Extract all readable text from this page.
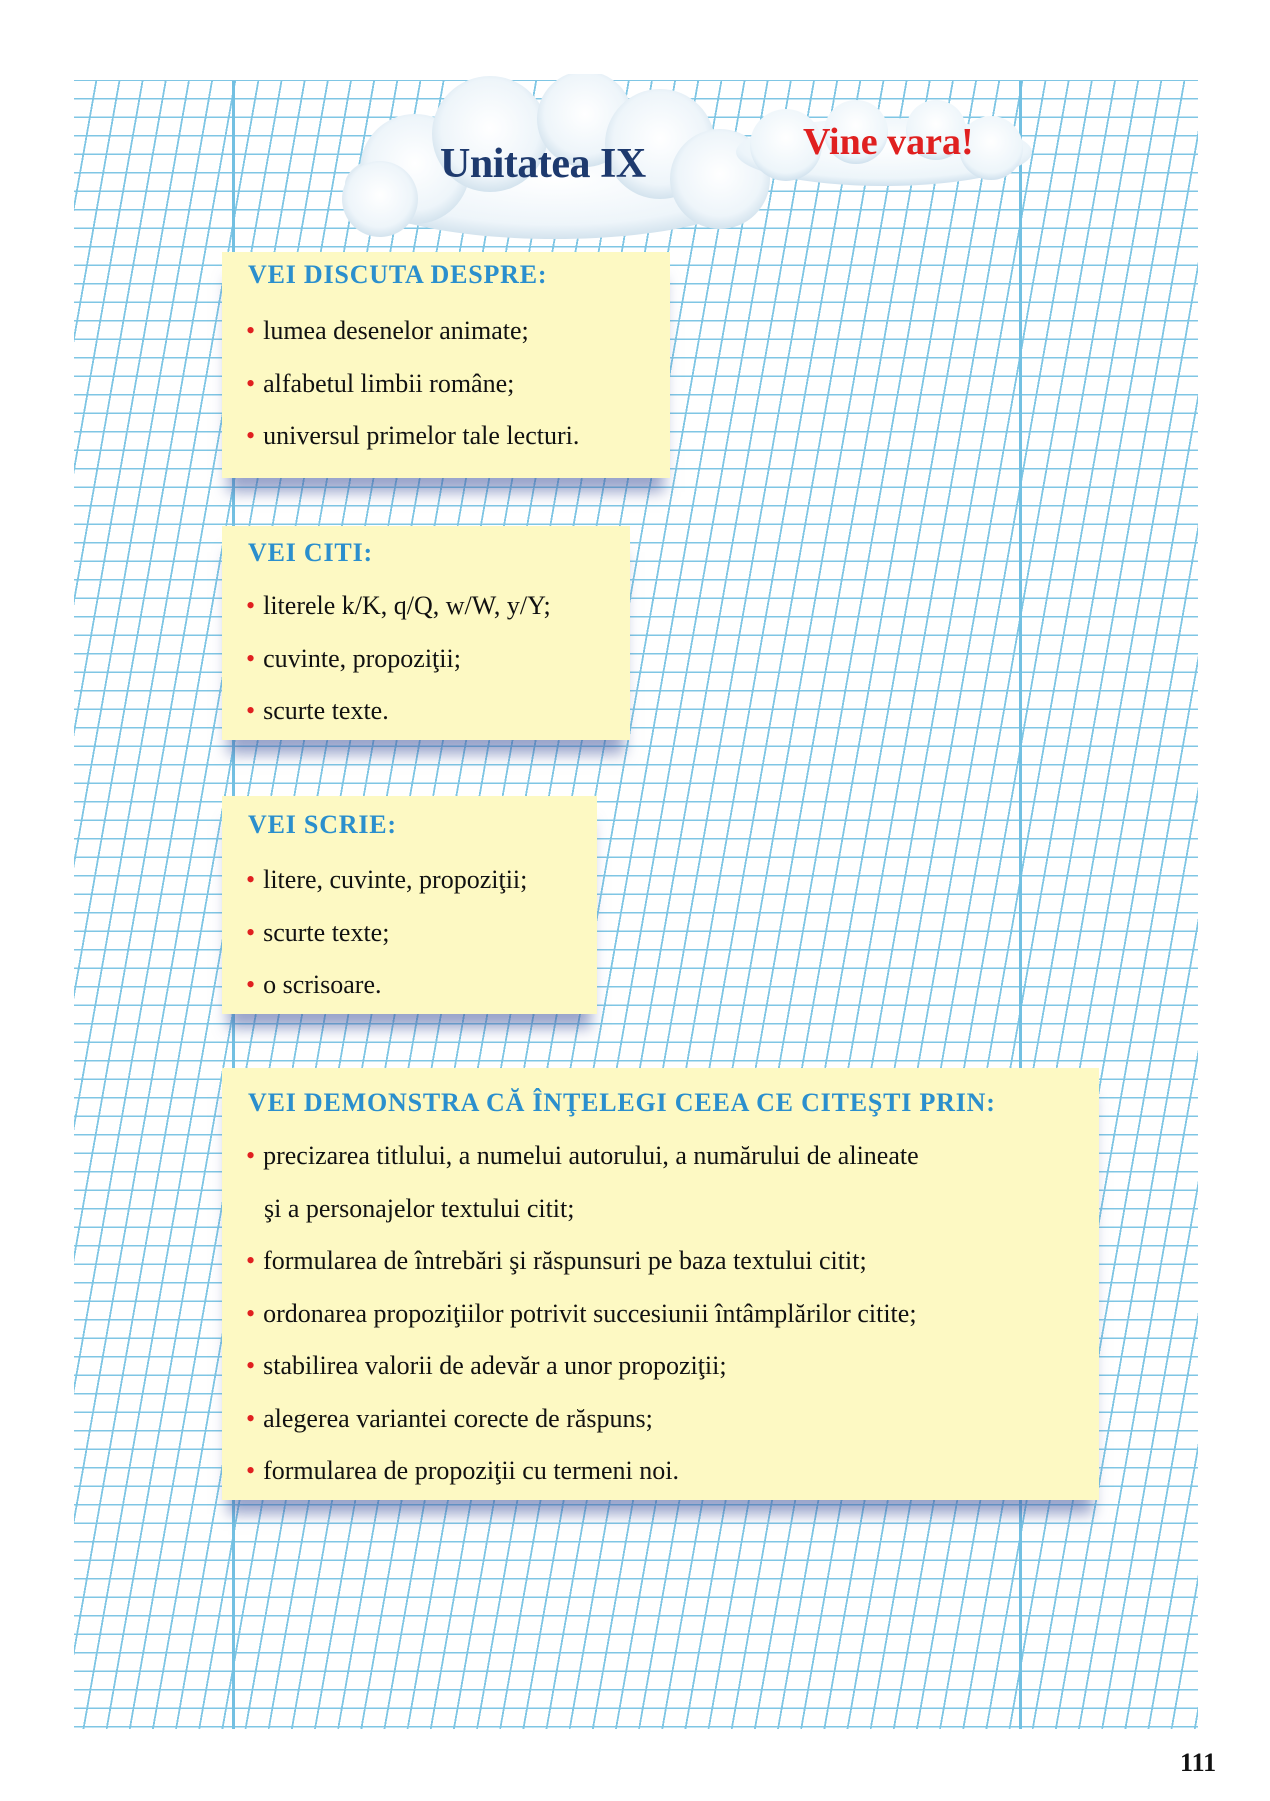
Unitatea IX	Vine vara!
VEI DISCUTA DESPRE:
• lumea desenelor animate;
• alfabetul limbii române;
• universul primelor tale lecturi.
VEI CITI:
• literele k/K, q/Q, w/W, y/Y;
• cuvinte, propoziţii;
• scurte texte.
VEI SCRIE:
• litere, cuvinte, propoziţii;
• scurte texte;
• o scrisoare.
VEI DEMONSTRA CĂ ÎNŢELEGI CEEA CE CITEŞTI PRIN:
• precizarea titlului, a numelui autorului, a numărului de alineate
şi a personajelor textului citit;
• formularea de întrebări şi răspunsuri pe baza textului citit;
• ordonarea propoziţiilor potrivit succesiunii întâmplărilor citite;
• stabilirea valorii de adevăr a unor propoziţii;
• alegerea variantei corecte de răspuns;
• formularea de propoziţii cu termeni noi.
111
